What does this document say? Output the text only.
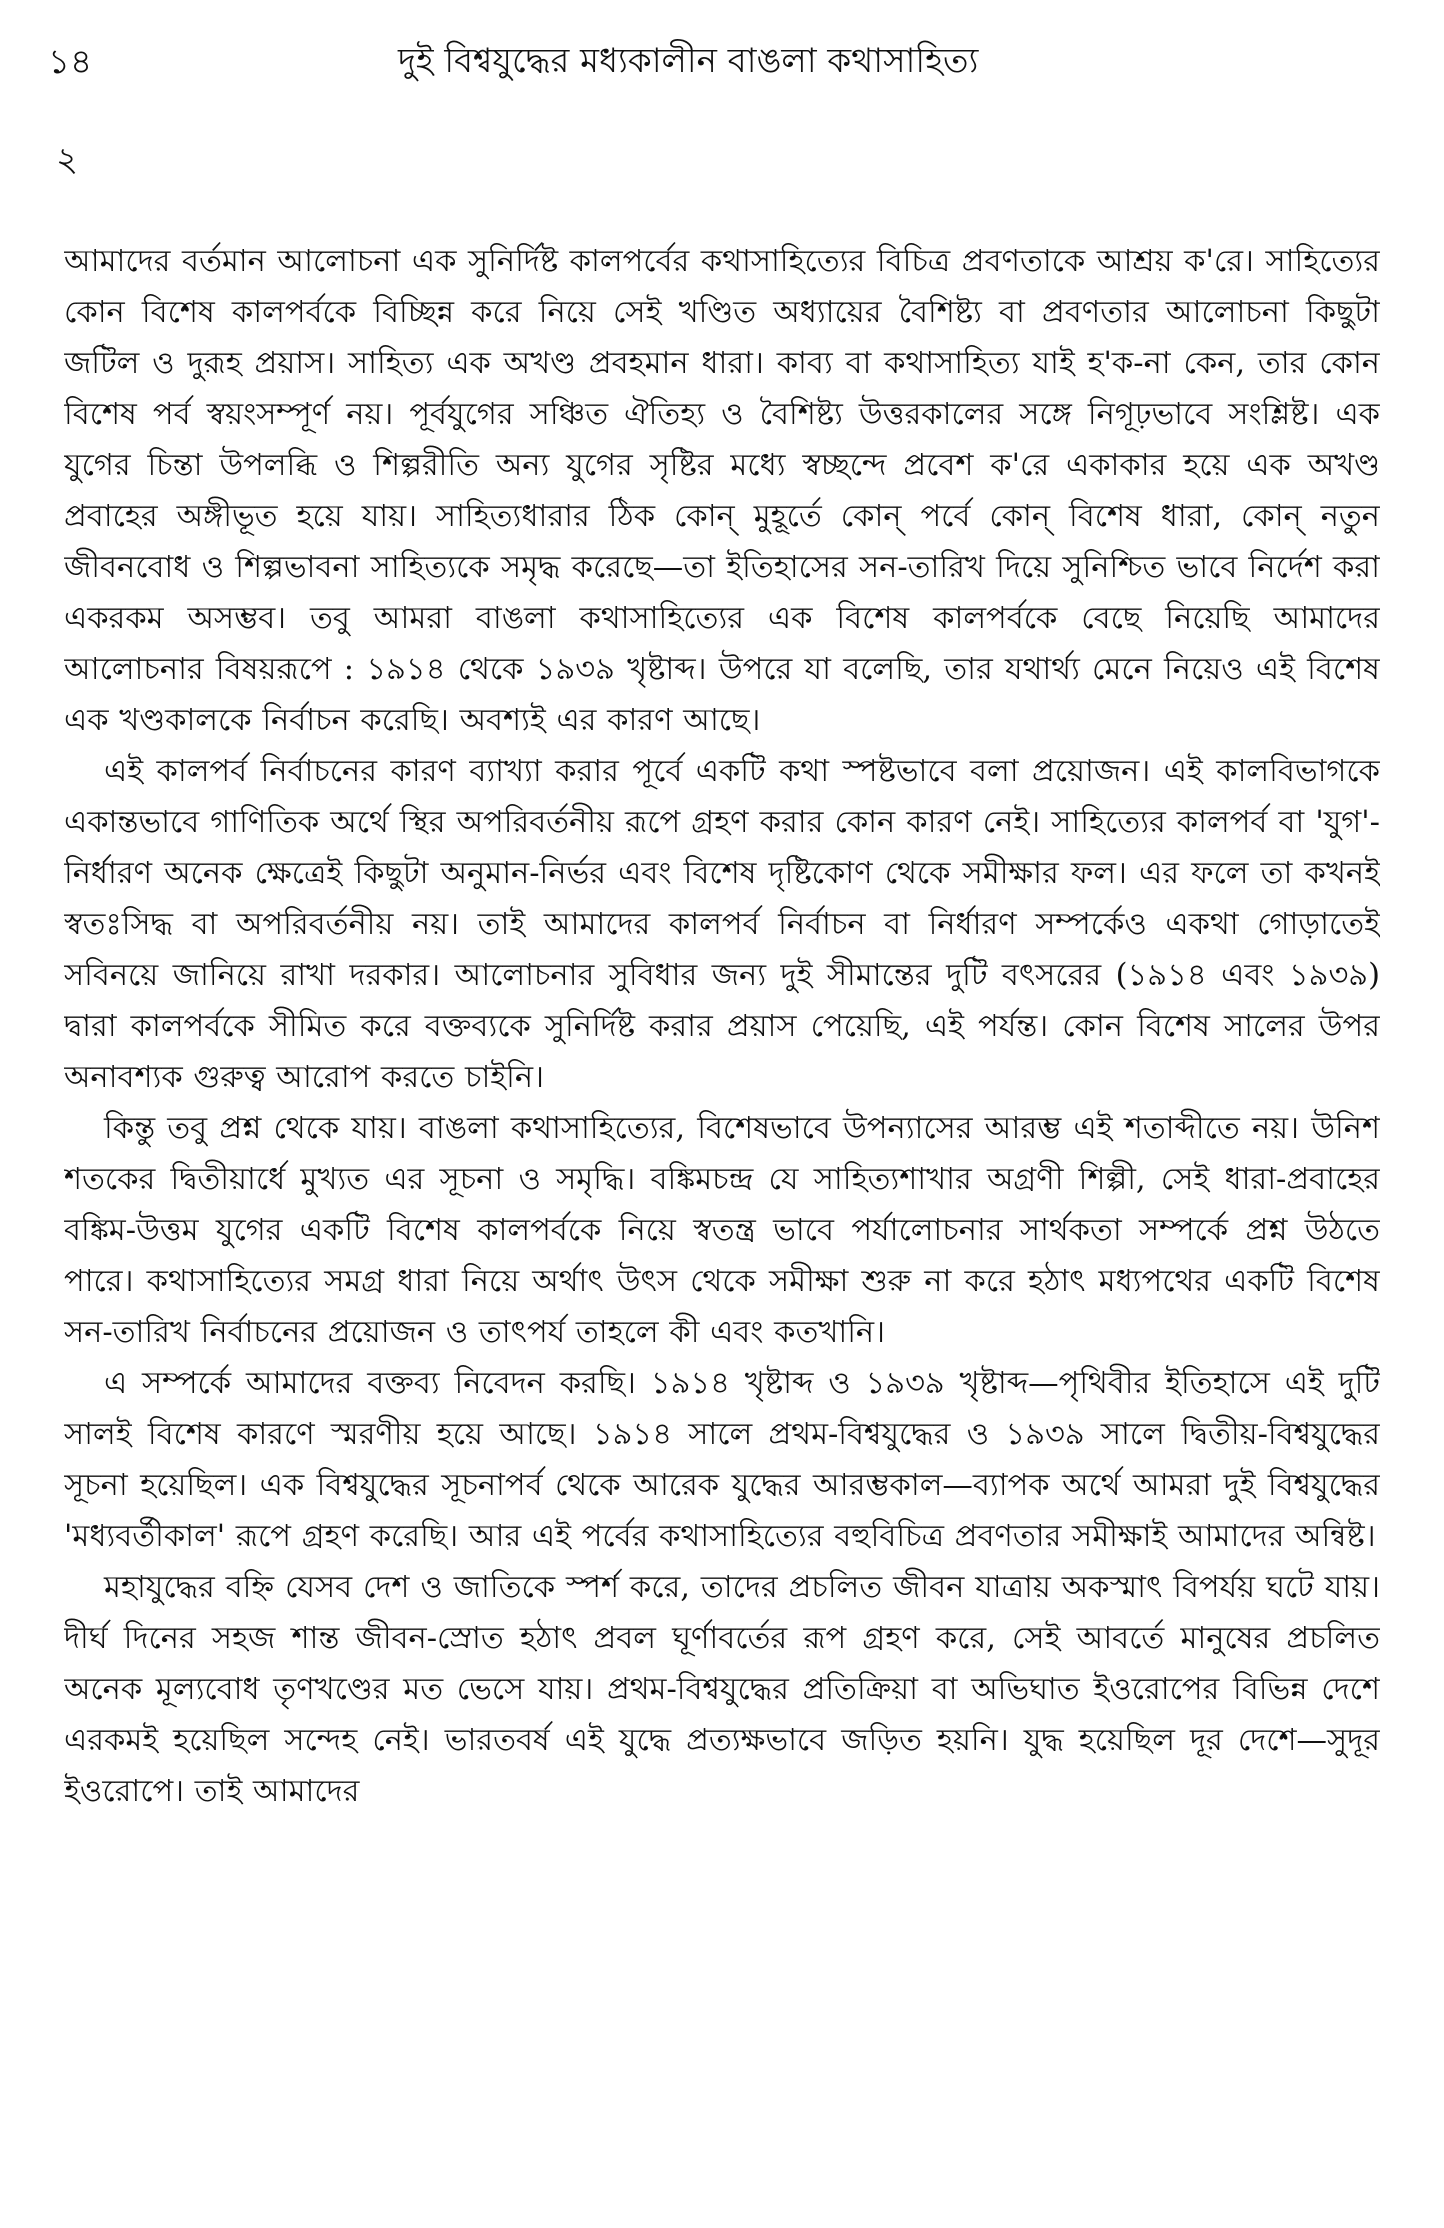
১৪	দুই বিশ্বযুদ্ধের মধ্যকালীন বাঙলা কথাসাহিত্য
২

আমাদের বর্তমান আলোচনা এক সুনির্দিষ্ট কালপর্বের কথাসাহিত্যের বিচিত্র প্রবণতাকে আশ্রয় ক'রে। সাহিত্যের কোন বিশেষ কালপর্বকে বিচ্ছিন্ন করে নিয়ে সেই খণ্ডিত অধ্যায়ের বৈশিষ্ট্য বা প্রবণতার আলোচনা কিছুটা জটিল ও দুরূহ প্রয়াস। সাহিত্য এক অখণ্ড প্রবহমান ধারা। কাব্য বা কথাসাহিত্য যাই হ'ক-না কেন, তার কোন বিশেষ পর্ব স্বয়ংসম্পূর্ণ নয়। পূর্বযুগের সঞ্চিত ঐতিহ্য ও বৈশিষ্ট্য উত্তরকালের সঙ্গে নিগূঢ়ভাবে সংশ্লিষ্ট। এক যুগের চিন্তা উপলব্ধি ও শিল্পরীতি অন্য যুগের সৃষ্টির মধ্যে স্বচ্ছন্দে প্রবেশ ক'রে একাকার হয়ে এক অখণ্ড প্রবাহের অঙ্গীভূত হয়ে যায়। সাহিত্যধারার ঠিক কোন্ মুহূর্তে কোন্ পর্বে কোন্ বিশেষ ধারা, কোন্ নতুন জীবনবোধ ও শিল্পভাবনা সাহিত্যকে সমৃদ্ধ করেছে—তা ইতিহাসের সন-তারিখ দিয়ে সুনিশ্চিত ভাবে নির্দেশ করা একরকম অসম্ভব। তবু আমরা বাঙলা কথাসাহিত্যের এক বিশেষ কালপর্বকে বেছে নিয়েছি আমাদের আলোচনার বিষয়রূপে : ১৯১৪ থেকে ১৯৩৯ খৃষ্টাব্দ। উপরে যা বলেছি, তার যথার্থ্য মেনে নিয়েও এই বিশেষ এক খণ্ডকালকে নির্বাচন করেছি। অবশ্যই এর কারণ আছে।

এই কালপর্ব নির্বাচনের কারণ ব্যাখ্যা করার পূর্বে একটি কথা স্পষ্টভাবে বলা প্রয়োজন। এই কালবিভাগকে একান্তভাবে গাণিতিক অর্থে স্থির অপরিবর্তনীয় রূপে গ্রহণ করার কোন কারণ নেই। সাহিত্যের কালপর্ব বা 'যুগ'-নির্ধারণ অনেক ক্ষেত্রেই কিছুটা অনুমান-নির্ভর এবং বিশেষ দৃষ্টিকোণ থেকে সমীক্ষার ফল। এর ফলে তা কখনই স্বতঃসিদ্ধ বা অপরিবর্তনীয় নয়। তাই আমাদের কালপর্ব নির্বাচন বা নির্ধারণ সম্পর্কেও একথা গোড়াতেই সবিনয়ে জানিয়ে রাখা দরকার। আলোচনার সুবিধার জন্য দুই সীমান্তের দুটি বৎসরের (১৯১৪ এবং ১৯৩৯) দ্বারা কালপর্বকে সীমিত করে বক্তব্যকে সুনির্দিষ্ট করার প্রয়াস পেয়েছি, এই পর্যন্ত। কোন বিশেষ সালের উপর অনাবশ্যক গুরুত্ব আরোপ করতে চাইনি।

কিন্তু তবু প্রশ্ন থেকে যায়। বাঙলা কথাসাহিত্যের, বিশেষভাবে উপন্যাসের আরম্ভ এই শতাব্দীতে নয়। উনিশ শতকের দ্বিতীয়ার্ধে মুখ্যত এর সূচনা ও সমৃদ্ধি। বঙ্কিমচন্দ্র যে সাহিত্যশাখার অগ্রণী শিল্পী, সেই ধারা-প্রবাহের বঙ্কিম-উত্তম যুগের একটি বিশেষ কালপর্বকে নিয়ে স্বতন্ত্র ভাবে পর্যালোচনার সার্থকতা সম্পর্কে প্রশ্ন উঠতে পারে। কথাসাহিত্যের সমগ্র ধারা নিয়ে অর্থাৎ উৎস থেকে সমীক্ষা শুরু না করে হঠাৎ মধ্যপথের একটি বিশেষ সন-তারিখ নির্বাচনের প্রয়োজন ও তাৎপর্য তাহলে কী এবং কতখানি।

এ সম্পর্কে আমাদের বক্তব্য নিবেদন করছি। ১৯১৪ খৃষ্টাব্দ ও ১৯৩৯ খৃষ্টাব্দ—পৃথিবীর ইতিহাসে এই দুটি সালই বিশেষ কারণে স্মরণীয় হয়ে আছে। ১৯১৪ সালে প্রথম-বিশ্বযুদ্ধের ও ১৯৩৯ সালে দ্বিতীয়-বিশ্বযুদ্ধের সূচনা হয়েছিল। এক বিশ্বযুদ্ধের সূচনাপর্ব থেকে আরেক যুদ্ধের আরম্ভকাল—ব্যাপক অর্থে আমরা দুই বিশ্বযুদ্ধের 'মধ্যবর্তীকাল' রূপে গ্রহণ করেছি। আর এই পর্বের কথাসাহিত্যের বহুবিচিত্র প্রবণতার সমীক্ষাই আমাদের অন্বিষ্ট।

মহাযুদ্ধের বহ্নি যেসব দেশ ও জাতিকে স্পর্শ করে, তাদের প্রচলিত জীবন যাত্রায় অকস্মাৎ বিপর্যয় ঘটে যায়। দীর্ঘ দিনের সহজ শান্ত জীবন-স্রোত হঠাৎ প্রবল ঘূর্ণাবর্তের রূপ গ্রহণ করে, সেই আবর্তে মানুষের প্রচলিত অনেক মূল্যবোধ তৃণখণ্ডের মত ভেসে যায়। প্রথম-বিশ্বযুদ্ধের প্রতিক্রিয়া বা অভিঘাত ইওরোপের বিভিন্ন দেশে এরকমই হয়েছিল সন্দেহ নেই। ভারতবর্ষ এই যুদ্ধে প্রত্যক্ষভাবে জড়িত হয়নি। যুদ্ধ হয়েছিল দূর দেশে—সুদূর ইওরোপে। তাই আমাদের
